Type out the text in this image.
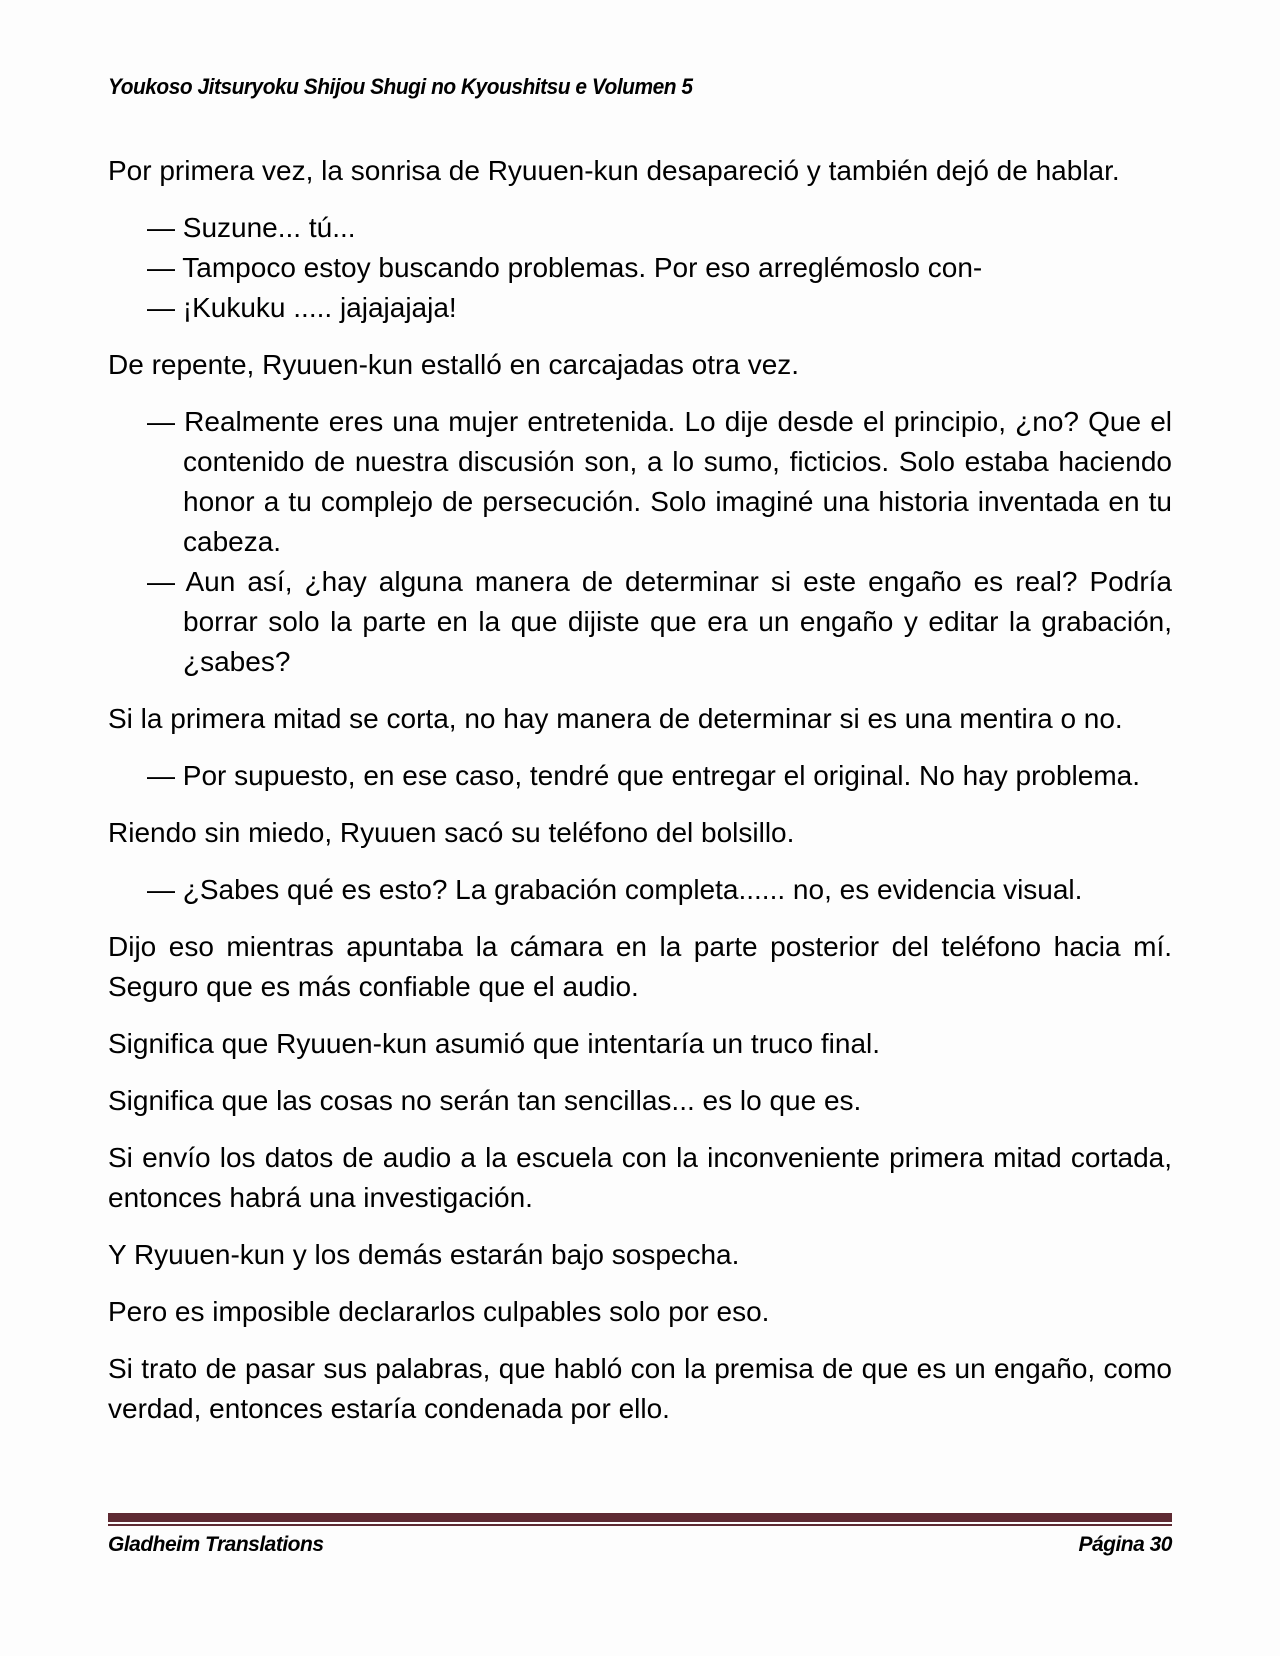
Youkoso Jitsuryoku Shijou Shugi no Kyoushitsu e Volumen 5

Por primera vez, la sonrisa de Ryuuen-kun desapareció y también dejó de hablar.

— Suzune... tú...

— Tampoco estoy buscando problemas. Por eso arreglémoslo con-

— ¡Kukuku ..... jajajajaja!

De repente, Ryuuen-kun estalló en carcajadas otra vez.

— Realmente eres una mujer entretenida. Lo dije desde el principio, ¿no? Que el contenido de nuestra discusión son, a lo sumo, ficticios. Solo estaba haciendo honor a tu complejo de persecución. Solo imaginé una historia inventada en tu cabeza.

— Aun así, ¿hay alguna manera de determinar si este engaño es real? Podría borrar solo la parte en la que dijiste que era un engaño y editar la grabación, ¿sabes?

Si la primera mitad se corta, no hay manera de determinar si es una mentira o no.

— Por supuesto, en ese caso, tendré que entregar el original. No hay problema.

Riendo sin miedo, Ryuuen sacó su teléfono del bolsillo.

— ¿Sabes qué es esto? La grabación completa...... no, es evidencia visual.

Dijo eso mientras apuntaba la cámara en la parte posterior del teléfono hacia mí. Seguro que es más confiable que el audio.

Significa que Ryuuen-kun asumió que intentaría un truco final.

Significa que las cosas no serán tan sencillas... es lo que es.

Si envío los datos de audio a la escuela con la inconveniente primera mitad cortada, entonces habrá una investigación.

Y Ryuuen-kun y los demás estarán bajo sospecha.

Pero es imposible declararlos culpables solo por eso.

Si trato de pasar sus palabras, que habló con la premisa de que es un engaño, como verdad, entonces estaría condenada por ello.

Gladheim Translations	Página 30
